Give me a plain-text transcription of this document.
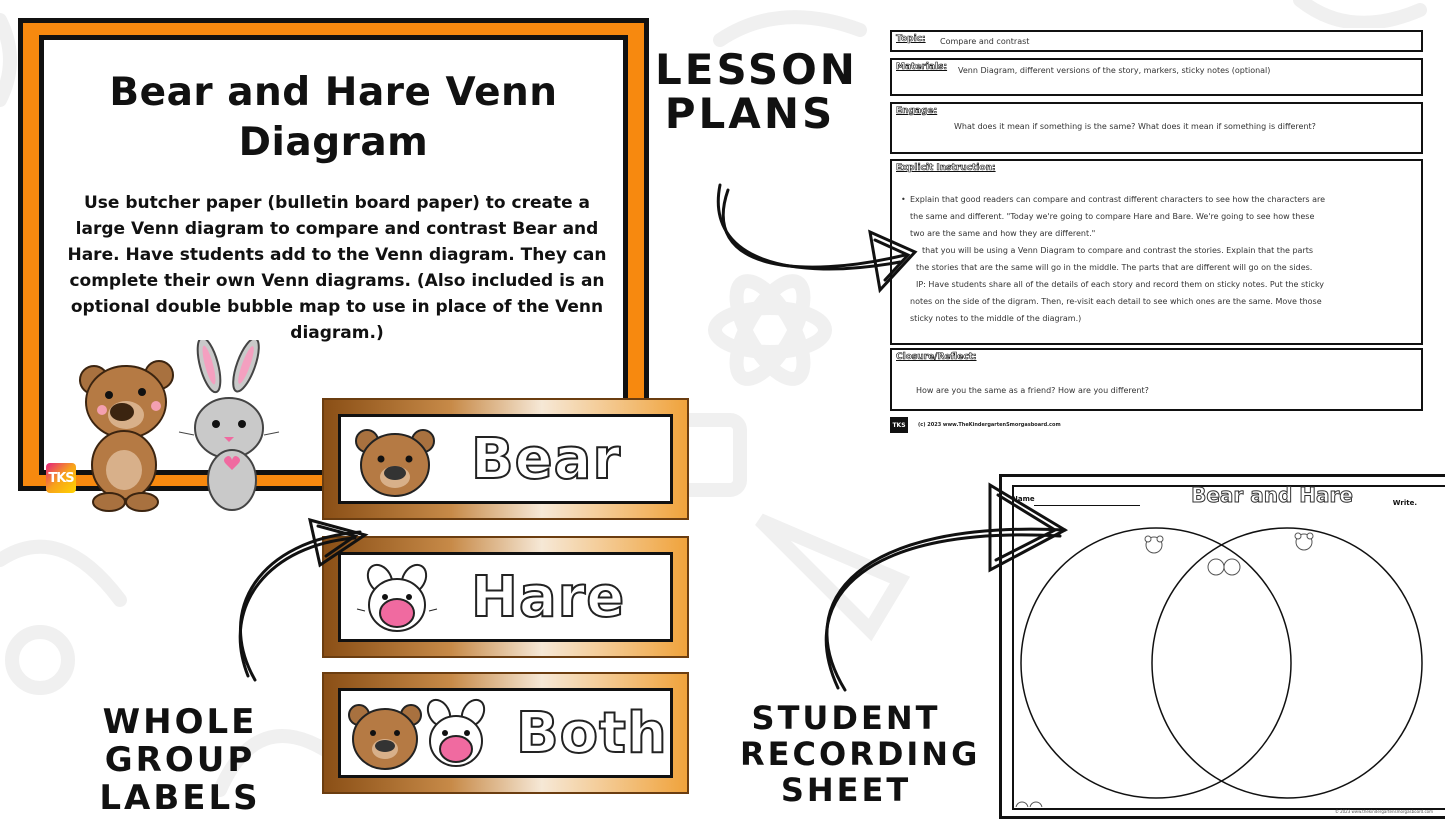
Bear and Hare Venn Diagram
Use butcher paper (bulletin board paper) to create a large Venn diagram to compare and contrast Bear and Hare. Have students add to the Venn diagram. They can complete their own Venn diagrams. (Also included is an optional double bubble map to use in place of the Venn diagram.)
TKS	Bear
Hare
Both
LESSON
PLANS
WHOLE GROUP
LABELS
STUDENT
RECORDING
SHEET
Topic: Compare and contrast
Materials: Venn Diagram, different versions of the story, markers, sticky notes (optional)
Engage:
What does it mean if something is the same? What does it mean if something is different?
Explicit Instruction:
• Explain that good readers can compare and contrast different characters to see how the characters are
the same and different. "Today we're going to compare Hare and Bare. We're going to see how these
two are the same and how they are different."
that you will be using a Venn Diagram to compare and contrast the stories. Explain that the parts
the stories that are the same will go in the middle. The parts that are different will go on the sides.
IP: Have students share all of the details of each story and record them on sticky notes. Put the sticky
notes on the side of the digram. Then, re-visit each detail to see which ones are the same. Move those
sticky notes to the middle of the diagram.)
Closure/Reflect:
How are you the same as a friend? How are you different?
TKS	(c) 2023 www.TheKindergartenSmorgasboard.com
Name	Bear and Hare	Write.
© 2023 www.thekindergartensmorgasboard.com
